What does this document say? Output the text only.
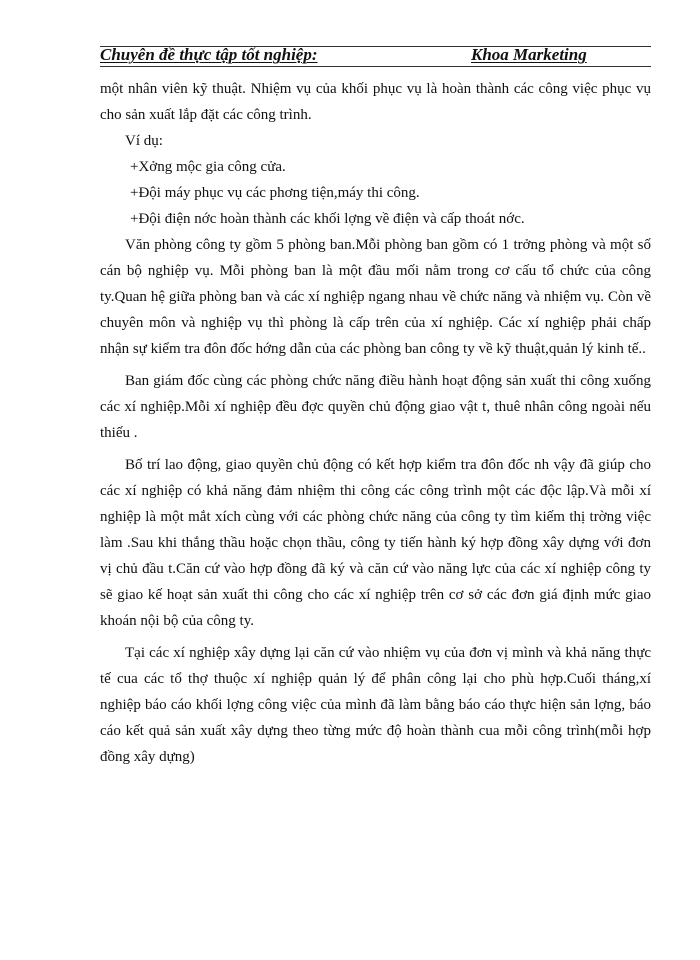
Chuyên đề thực tập tốt nghiệp:	Khoa Marketing

một nhân viên kỹ thuật. Nhiệm vụ của khối phục vụ là hoàn thành các công việc phục vụ cho sản xuất lắp đặt các công trình.

Ví dụ:

+Xởng mộc gia công cửa.

+Đội máy phục vụ các phơng tiện,máy thi công.

+Đội điện nớc hoàn thành các khối lợng về điện và cấp thoát nớc.

Văn phòng công ty gồm 5 phòng ban.Mỗi phòng ban gồm có 1 trởng phòng và một số cán bộ nghiệp vụ. Mỗi phòng ban là một đầu mối nằm trong cơ cấu tổ chức của công ty.Quan hệ giữa phòng ban và các xí nghiệp ngang nhau về chức năng và nhiệm vụ. Còn về chuyên môn và nghiệp vụ thì phòng là cấp trên của xí nghiệp. Các xí nghiệp phải chấp nhận sự kiểm tra đôn đốc hớng dẫn của các phòng ban công ty về kỹ thuật,quản lý kinh tế..

Ban giám đốc cùng các phòng chức năng điều hành hoạt động sản xuất thi công xuống các xí nghiệp.Mỗi xí nghiệp đều đợc quyền chủ động giao vật t, thuê nhân công ngoài nếu thiếu .

Bố trí lao động, giao quyền chủ động có kết hợp kiểm tra đôn đốc nh vậy đã giúp cho các xí nghiệp có khả năng đảm nhiệm thi công các công trình một các độc lập.Và mỗi xí nghiệp là một mắt xích cùng với các phòng chức năng của công ty tìm kiếm thị trờng việc làm .Sau khi thắng thầu hoặc chọn thầu, công ty tiến hành ký hợp đồng xây dựng với đơn vị chủ đầu t.Căn cứ vào hợp đồng đã ký và căn cứ vào năng lực của các xí nghiệp công ty sẽ giao kế hoạt sản xuất thi công cho các xí nghiệp trên cơ sở các đơn giá định mức giao khoán nội bộ của công ty.

Tại các xí nghiệp xây dựng lại căn cứ vào nhiệm vụ của đơn vị mình và khả năng thực tế cua các tổ thợ thuộc xí nghiệp quản lý để phân công lại cho phù hợp.Cuối tháng,xí nghiệp báo cáo khối lợng công việc của mình đã làm bằng báo cáo thực hiện sản lợng, báo cáo kết quả sản xuất xây dựng theo từng mức độ hoàn thành cua mỗi công trình(mỗi hợp đồng xây dựng)
